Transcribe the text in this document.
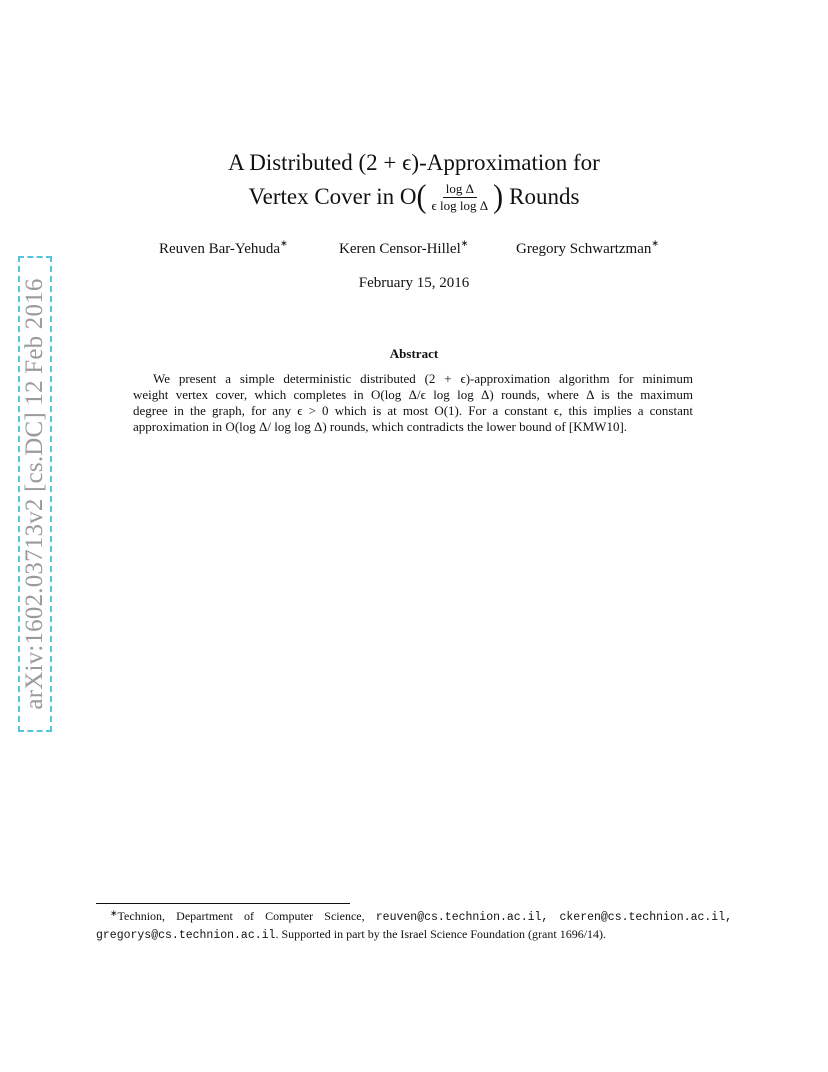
arXiv:1602.03713v2 [cs.DC] 12 Feb 2016
A Distributed (2 + ϵ)-Approximation for
Vertex Cover in O ( $\frac{\text{log Δ}}{\text{ϵ log log Δ}}$ ) Rounds
Reuven Bar-Yehuda∗	Keren Censor-Hillel∗	Gregory Schwartzman∗
February 15, 2016
Abstract
We present a simple deterministic distributed (2 + ϵ)-approximation algorithm for minimum
weight vertex cover, which completes in O(log Δ/ϵ log log Δ) rounds, where Δ is the maximum
degree in the graph, for any ϵ > 0 which is at most O(1). For a constant ϵ, this implies a constant
approximation in O(log Δ/ log log Δ) rounds, which contradicts the lower bound of [KMW10].
∗Technion, Department of Computer Science, reuven@cs.technion.ac.il, ckeren@cs.technion.ac.il,
gregorys@cs.technion.ac.il. Supported in part by the Israel Science Foundation (grant 1696/14).
